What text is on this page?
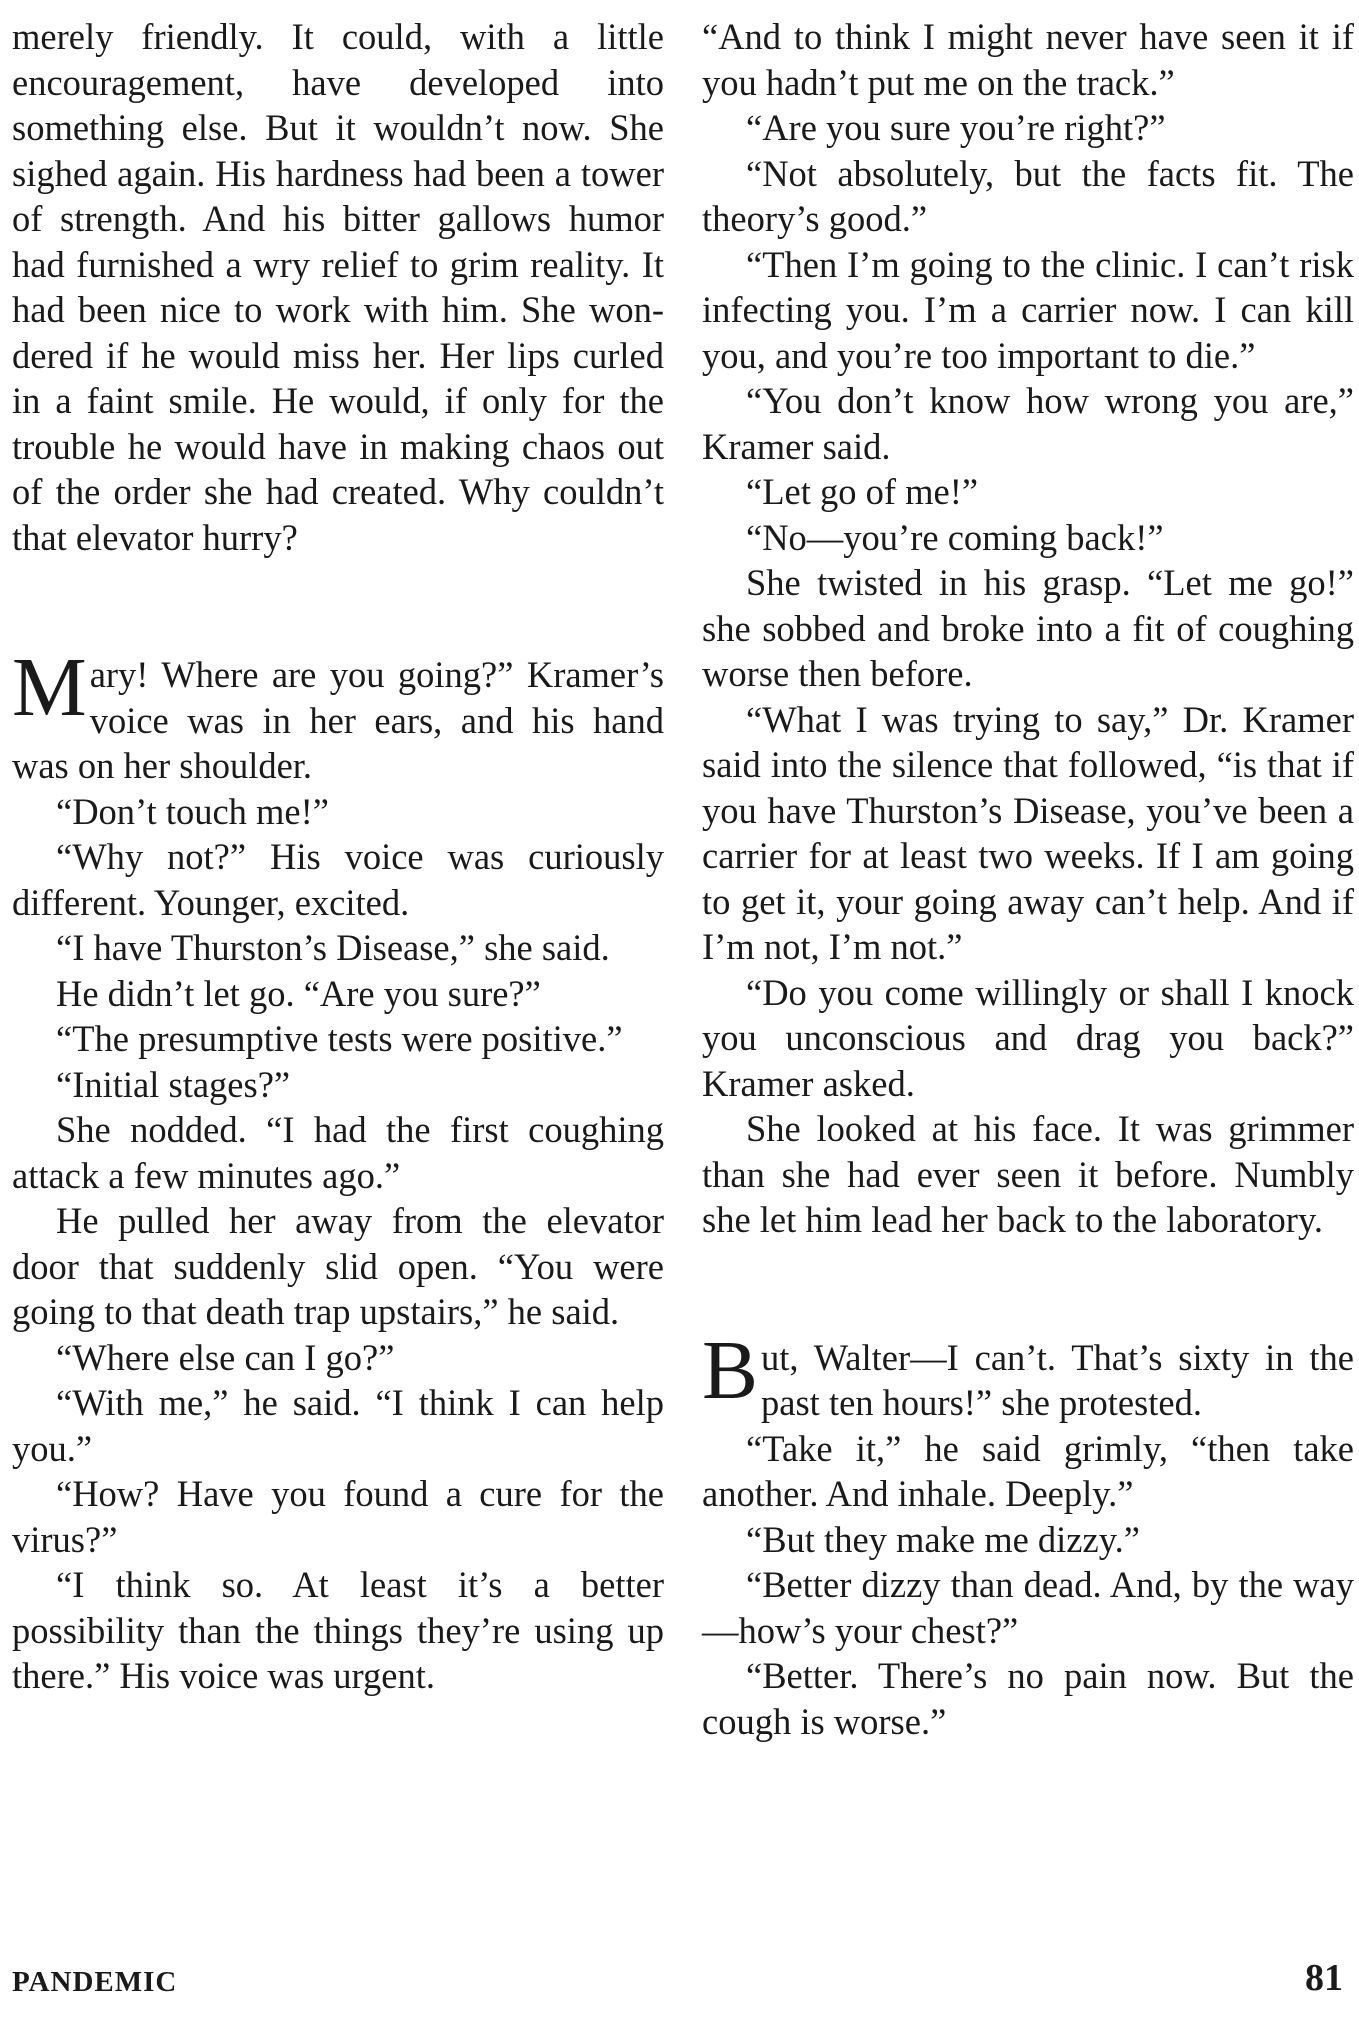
merely friendly. It could, with a little encouragement, have developed into something else. But it wouldn’t now. She sighed again. His hardness had been a tower of strength. And his bitter gallows humor had furnished a wry relief to grim reality. It had been nice to work with him. She wondered if he would miss her. Her lips curled in a faint smile. He would, if only for the trouble he would have in making chaos out of the order she had created. Why couldn’t that elevator hurry?

Mary! Where are you going?” Kramer’s voice was in her ears, and his hand was on her shoulder.

“Don’t touch me!”

“Why not?” His voice was curiously different. Younger, excited.

“I have Thurston’s Disease,” she said.

He didn’t let go. “Are you sure?”

“The presumptive tests were positive.”

“Initial stages?”

She nodded. “I had the first coughing attack a few minutes ago.”

He pulled her away from the elevator door that suddenly slid open. “You were going to that death trap upstairs,” he said.

“Where else can I go?”

“With me,” he said. “I think I can help you.”

“How? Have you found a cure for the virus?”

“I think so. At least it’s a better possibility than the things they’re using up there.” His voice was urgent.

“And to think I might never have seen it if you hadn’t put me on the track.”

“Are you sure you’re right?”

“Not absolutely, but the facts fit. The theory’s good.”

“Then I’m going to the clinic. I can’t risk infecting you. I’m a carrier now. I can kill you, and you’re too important to die.”

“You don’t know how wrong you are,” Kramer said.

“Let go of me!”

“No—you’re coming back!”

She twisted in his grasp. “Let me go!” she sobbed and broke into a fit of coughing worse then before.

“What I was trying to say,” Dr. Kramer said into the silence that followed, “is that if you have Thurston’s Disease, you’ve been a carrier for at least two weeks. If I am going to get it, your going away can’t help. And if I’m not, I’m not.”

“Do you come willingly or shall I knock you unconscious and drag you back?” Kramer asked.

She looked at his face. It was grimmer than she had ever seen it before. Numbly she let him lead her back to the laboratory.

But, Walter—I can’t. That’s sixty in the past ten hours!” she protested.

“Take it,” he said grimly, “then take another. And inhale. Deeply.”

“But they make me dizzy.”

“Better dizzy than dead. And, by the way—how’s your chest?”

“Better. There’s no pain now. But the cough is worse.”

PANDEMIC	81
